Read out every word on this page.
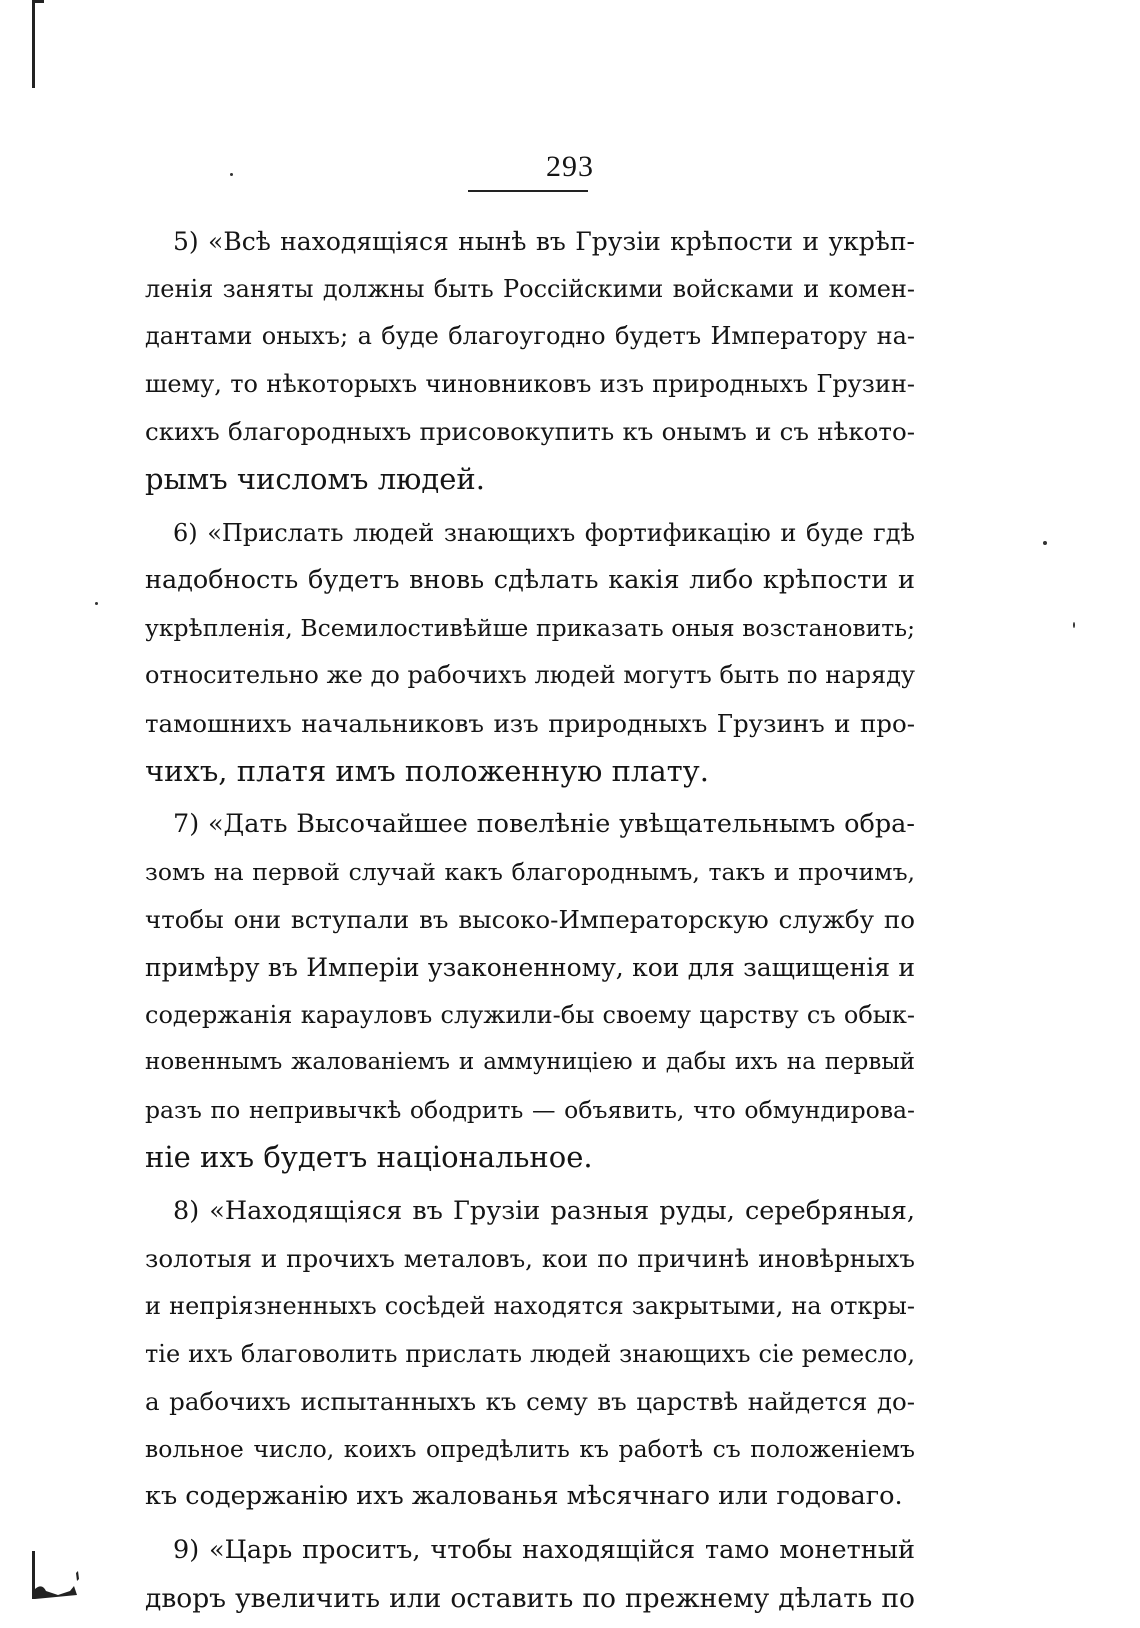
293
5) «Всѣ находящіяся нынѣ въ Грузіи крѣпости и укрѣп-
ленія заняты должны быть Россійскими войсками и комен-
дантами оныхъ; а буде благоугодно будетъ Императору на-
шему, то нѣкоторыхъ чиновниковъ изъ природныхъ Грузин-
скихъ благородныхъ присовокупить къ онымъ и съ нѣкото-
рымъ числомъ людей.
6) «Прислать людей знающихъ фортификацію и буде гдѣ
надобность будетъ вновь сдѣлать какія либо крѣпости и
укрѣпленія, Всемилостивѣйше приказать оныя возстановить;
относительно же до рабочихъ людей могутъ быть по наряду
тамошнихъ начальниковъ изъ природныхъ Грузинъ и про-
чихъ, платя имъ положенную плату.
7) «Дать Высочайшее повелѣніе увѣщательнымъ обра-
зомъ на первой случай какъ благороднымъ, такъ и прочимъ,
чтобы они вступали въ высоко-Императорскую службу по
примѣру въ Имперіи узаконенному, кои для защищенія и
содержанія карауловъ служили-бы своему царству съ обык-
новеннымъ жалованіемъ и аммуниціею и дабы ихъ на первый
разъ по непривычкѣ ободрить — объявить, что обмундирова-
ніе ихъ будетъ національное.
8) «Находящіяся въ Грузіи разныя руды, серебряныя,
золотыя и прочихъ металовъ, кои по причинѣ иновѣрныхъ
и непріязненныхъ сосѣдей находятся закрытыми, на откры-
тіе ихъ благоволить прислать людей знающихъ сіе ремесло,
а рабочихъ испытанныхъ къ сему въ царствѣ найдется до-
вольное число, коихъ опредѣлить къ работѣ съ положеніемъ
къ содержанію ихъ жалованья мѣсячнаго или годоваго.
9) «Царь проситъ, чтобы находящійся тамо монетный
дворъ увеличить или оставить по прежнему дѣлать по
